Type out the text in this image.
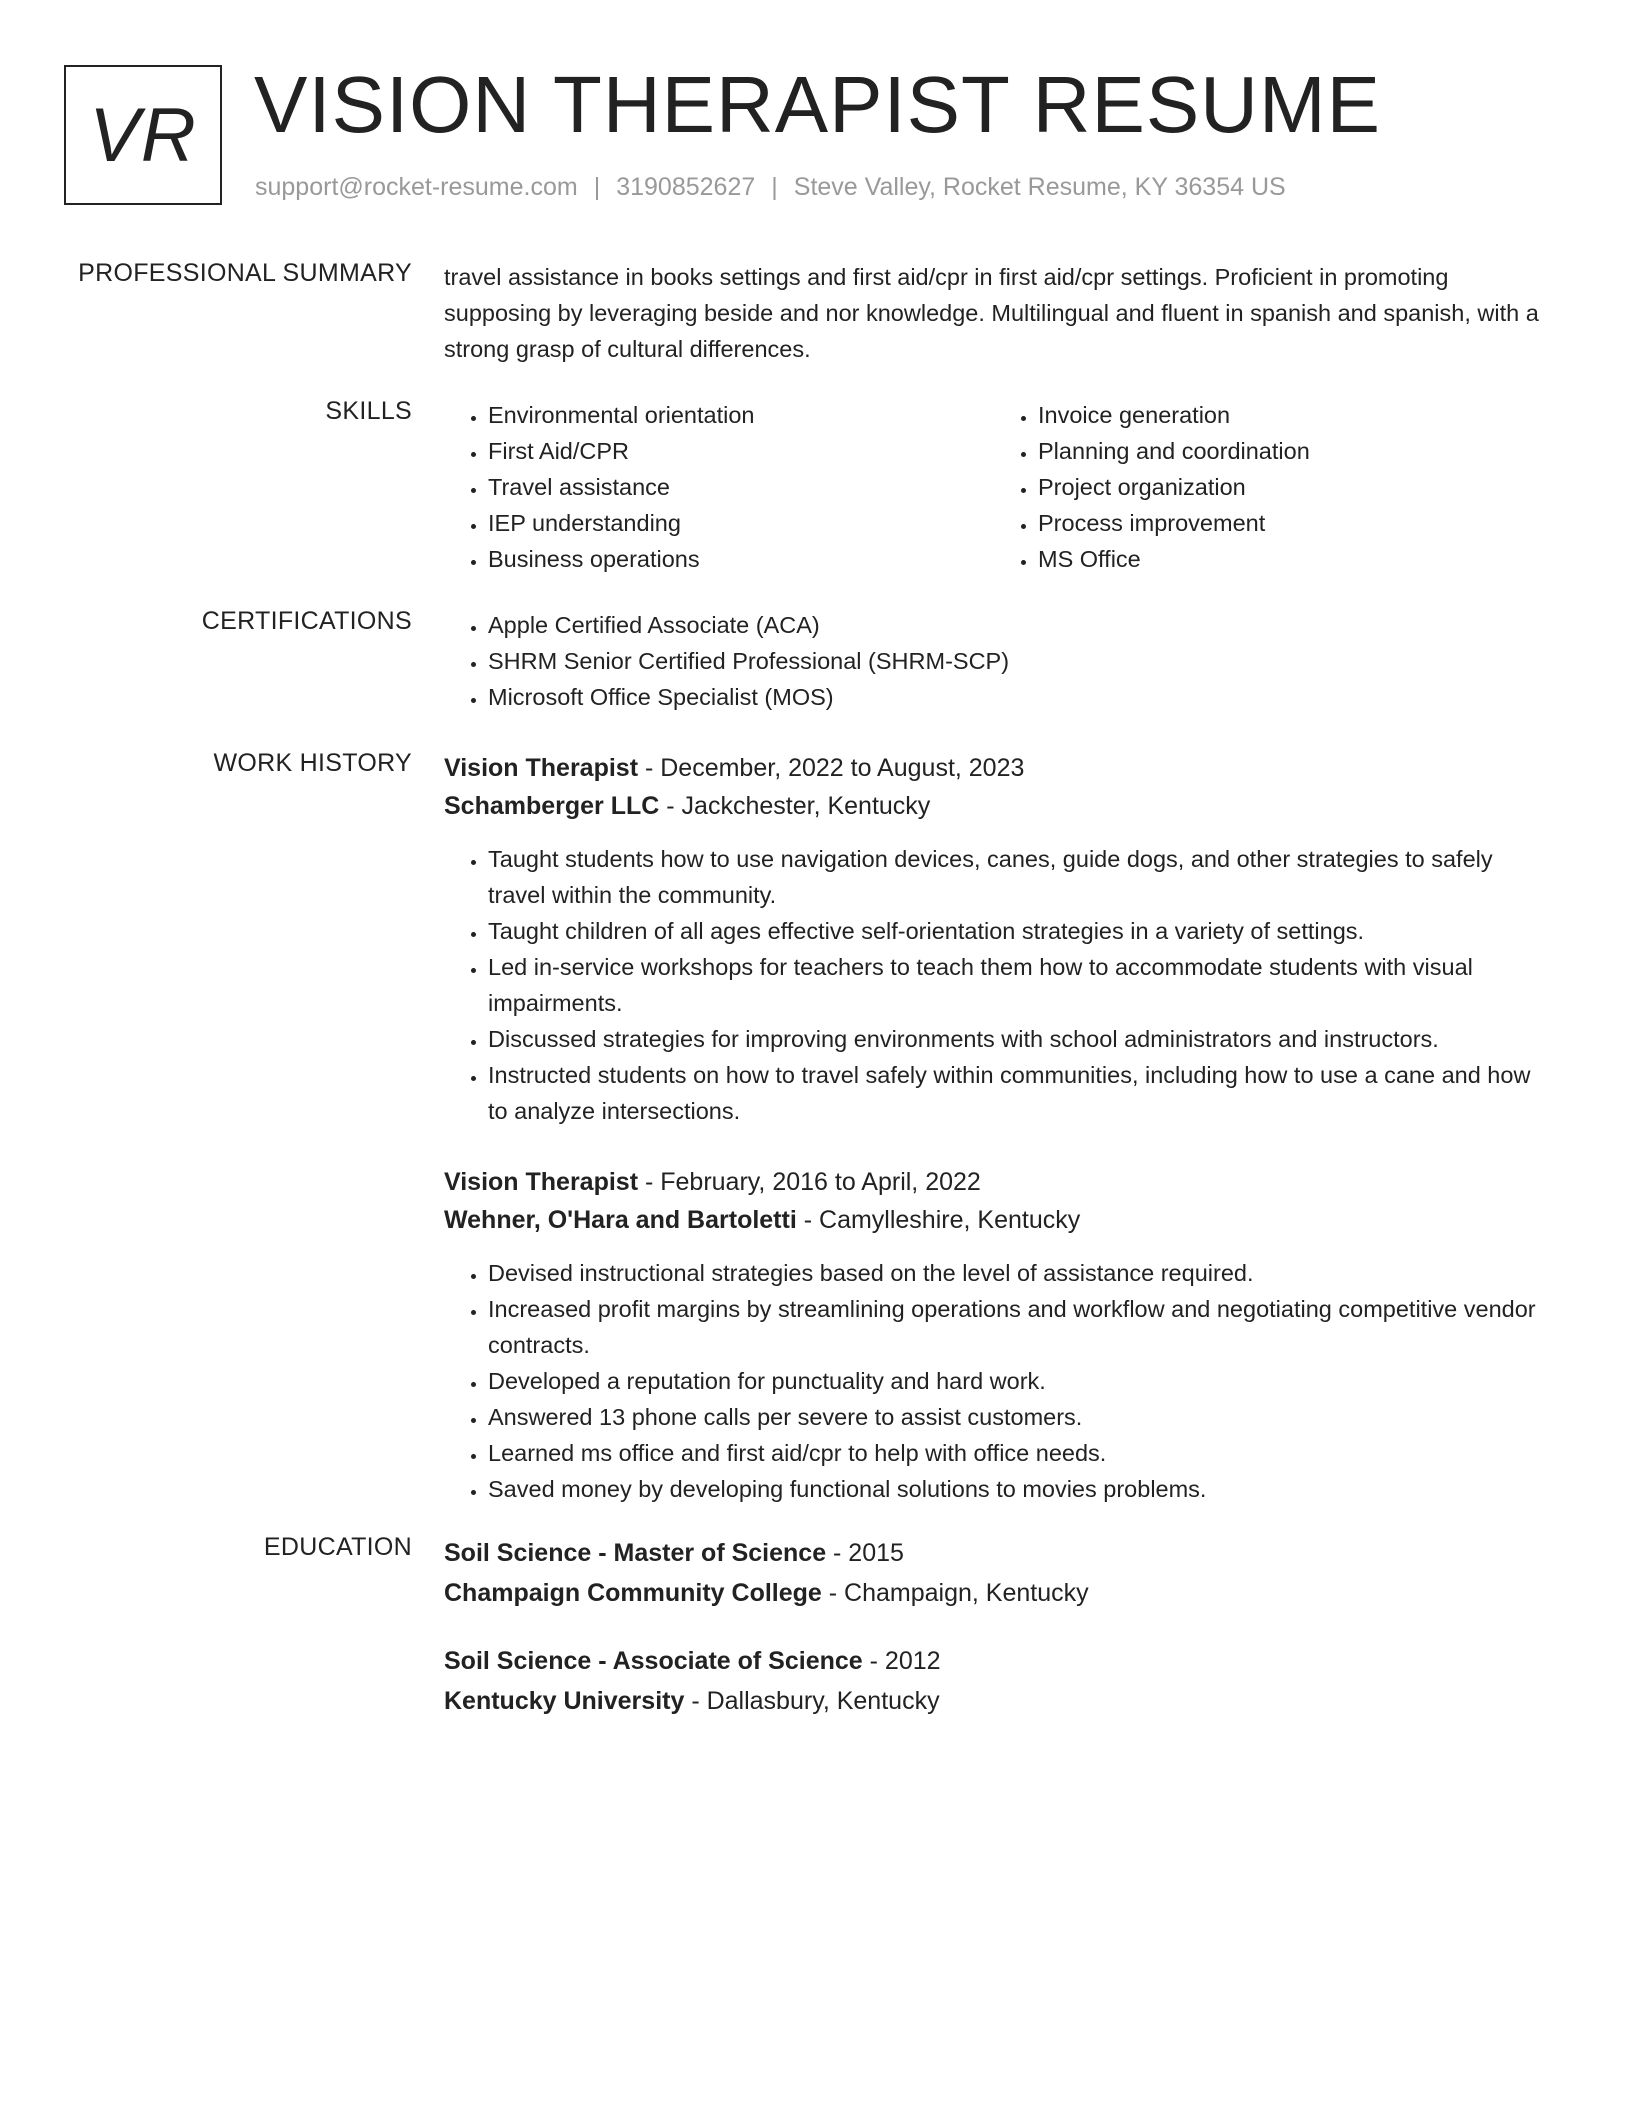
VR VISION THERAPIST RESUME
support@rocket-resume.com | 3190852627 | Steve Valley, Rocket Resume, KY 36354 US
PROFESSIONAL SUMMARY travel assistance in books settings and first aid/cpr in first aid/cpr settings. Proficient in promoting supposing by leveraging beside and nor knowledge. Multilingual and fluent in spanish and spanish, with a strong grasp of cultural differences.

SKILLS	• Environmental orientation
• First Aid/CPR
• Travel assistance
• IEP understanding
• Business operations
• Invoice generation
• Planning and coordination
• Project organization
• Process improvement
• MS Office
CERTIFICATIONS	• Apple Certified Associate (ACA)
• SHRM Senior Certified Professional (SHRM-SCP)
• Microsoft Office Specialist (MOS)
WORK HISTORY Vision Therapist - December, 2022 to August, 2023
Schamberger LLC - Jackchester, Kentucky
• Taught students how to use navigation devices, canes, guide dogs, and other strategies to safely travel within the community.
• Taught children of all ages effective self-orientation strategies in a variety of settings.
• Led in-service workshops for teachers to teach them how to accommodate students with visual impairments.
• Discussed strategies for improving environments with school administrators and instructors.
• Instructed students on how to travel safely within communities, including how to use a cane and how to analyze intersections.
Vision Therapist - February, 2016 to April, 2022
Wehner, O'Hara and Bartoletti - Camylleshire, Kentucky
• Devised instructional strategies based on the level of assistance required.
• Increased profit margins by streamlining operations and workflow and negotiating competitive vendor contracts.
• Developed a reputation for punctuality and hard work.
• Answered 13 phone calls per severe to assist customers.
• Learned ms office and first aid/cpr to help with office needs.
• Saved money by developing functional solutions to movies problems.
EDUCATION Soil Science - Master of Science - 2015
Champaign Community College - Champaign, Kentucky
Soil Science - Associate of Science - 2012
Kentucky University - Dallasbury, Kentucky
